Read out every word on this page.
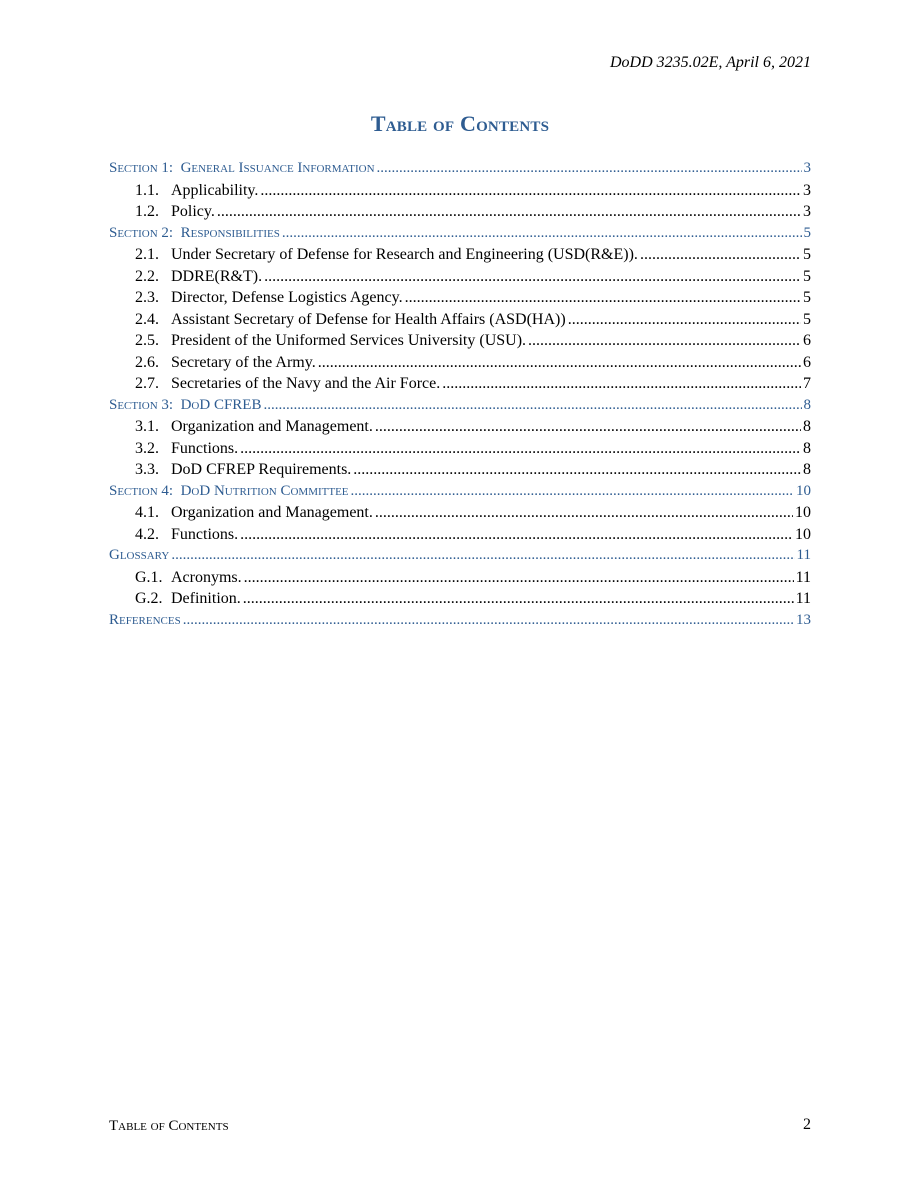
DoDD 3235.02E, April 6, 2021
Table of Contents
Section 1: General Issuance Information .....	3
1.1. Applicability. .....	3
1.2. Policy. .....	3
Section 2: Responsibilities .....	5
2.1. Under Secretary of Defense for Research and Engineering (USD(R&E)). .....	5
2.2. DDRE(R&T). .....	5
2.3. Director, Defense Logistics Agency. .....	5
2.4. Assistant Secretary of Defense for Health Affairs (ASD(HA)) .....	5
2.5. President of the Uniformed Services University (USU). .....	6
2.6. Secretary of the Army. .....	6
2.7. Secretaries of the Navy and the Air Force. .....	7
Section 3: DoD CFREB .....	8
3.1. Organization and Management. .....	8
3.2. Functions. .....	8
3.3. DoD CFREP Requirements. .....	8
Section 4: DoD Nutrition Committee .....	10
4.1. Organization and Management. .....	10
4.2. Functions. .....	10
Glossary .....	11
G.1. Acronyms. .....	11
G.2. Definition. .....	11
References .....	13
Table of Contents	2
